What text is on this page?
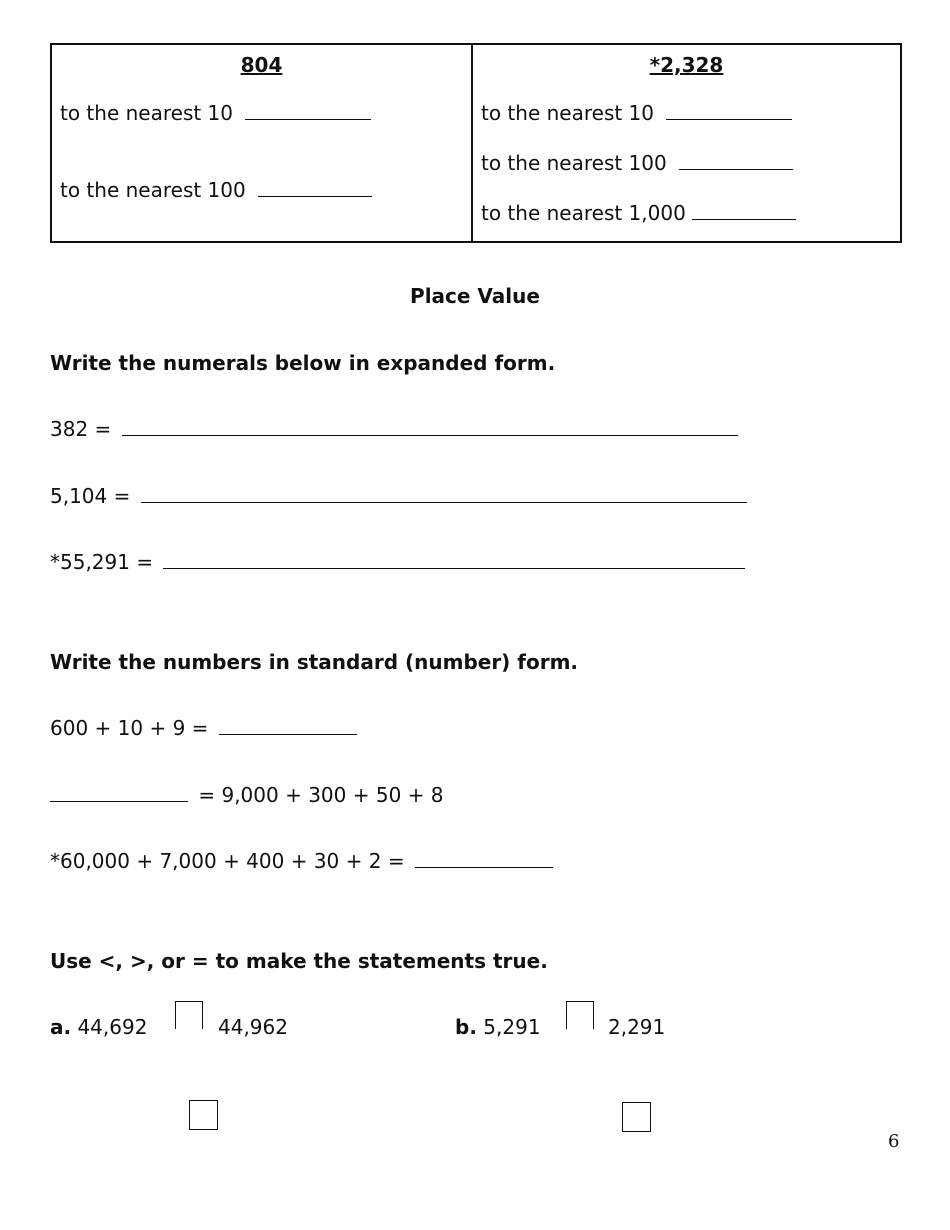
804
to the nearest 10
to the nearest 100
*2,328
to the nearest 10
to the nearest 100
to the nearest 1,000
Place Value
Write the numerals below in expanded form.
382 =
5,104 =
*55,291 =
Write the numbers in standard (number) form.
600 + 10 + 9 =
= 9,000 + 300 + 50 + 8
*60,000 + 7,000 + 400 + 30 + 2 =
Use <, >, or = to make the statements true.
a. 44,692	44,962	b. 5,291	2,291
6
